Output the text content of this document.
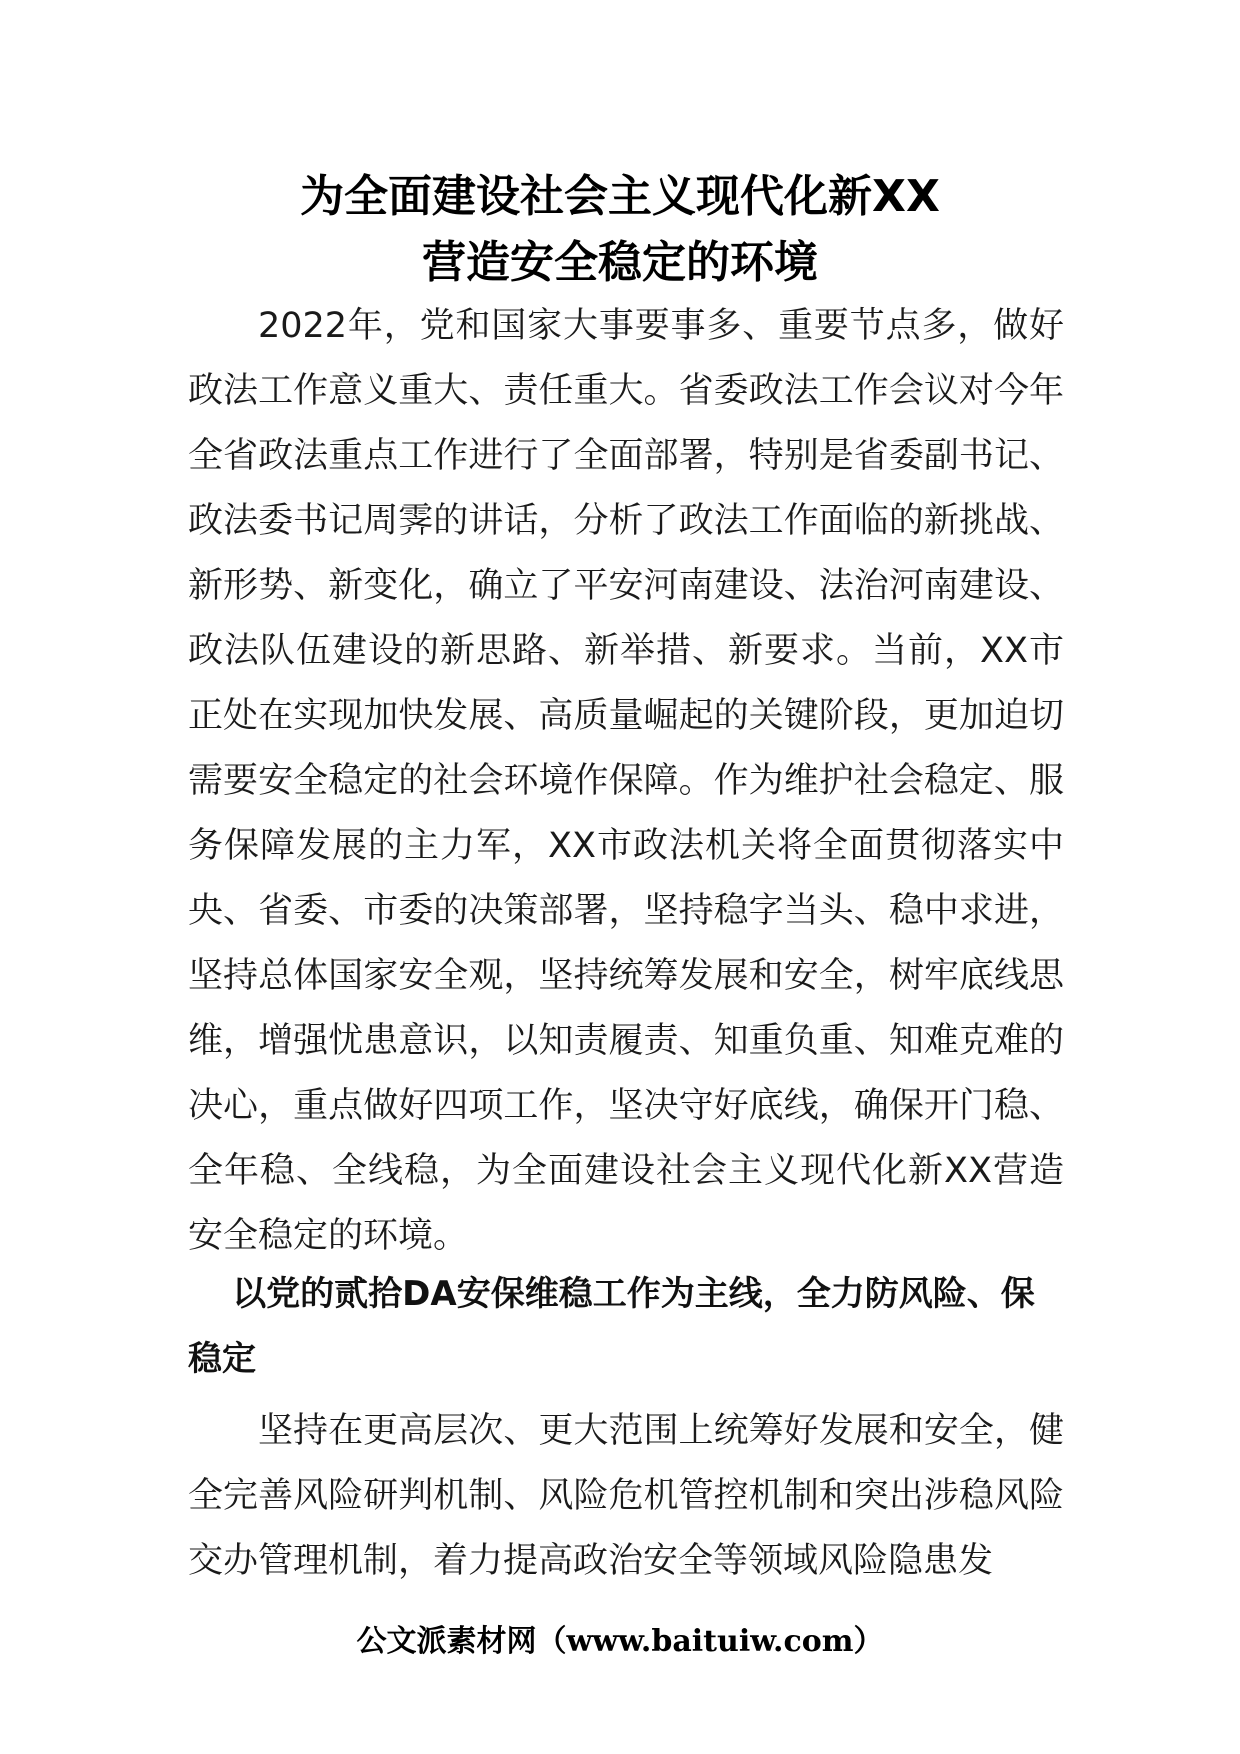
为全面建设社会主义现代化新XX
营造安全稳定的环境

2022年，党和国家大事要事多、重要节点多，做好政法工作意义重大、责任重大。省委政法工作会议对今年全省政法重点工作进行了全面部署，特别是省委副书记、政法委书记周霁的讲话，分析了政法工作面临的新挑战、新形势、新变化，确立了平安河南建设、法治河南建设、政法队伍建设的新思路、新举措、新要求。当前，XX市正处在实现加快发展、高质量崛起的关键阶段，更加迫切需要安全稳定的社会环境作保障。作为维护社会稳定、服务保障发展的主力军，XX市政法机关将全面贯彻落实中央、省委、市委的决策部署，坚持稳字当头、稳中求进，坚持总体国家安全观，坚持统筹发展和安全，树牢底线思维，增强忧患意识，以知责履责、知重负重、知难克难的决心，重点做好四项工作，坚决守好底线，确保开门稳、全年稳、全线稳，为全面建设社会主义现代化新XX营造安全稳定的环境。

以党的贰拾DA安保维稳工作为主线，全力防风险、保稳定

坚持在更高层次、更大范围上统筹好发展和安全，健全完善风险研判机制、风险危机管控机制和突出涉稳风险交办管理机制，着力提高政治安全等领域风险隐患发

公文派素材网（www.baituiw.com）
